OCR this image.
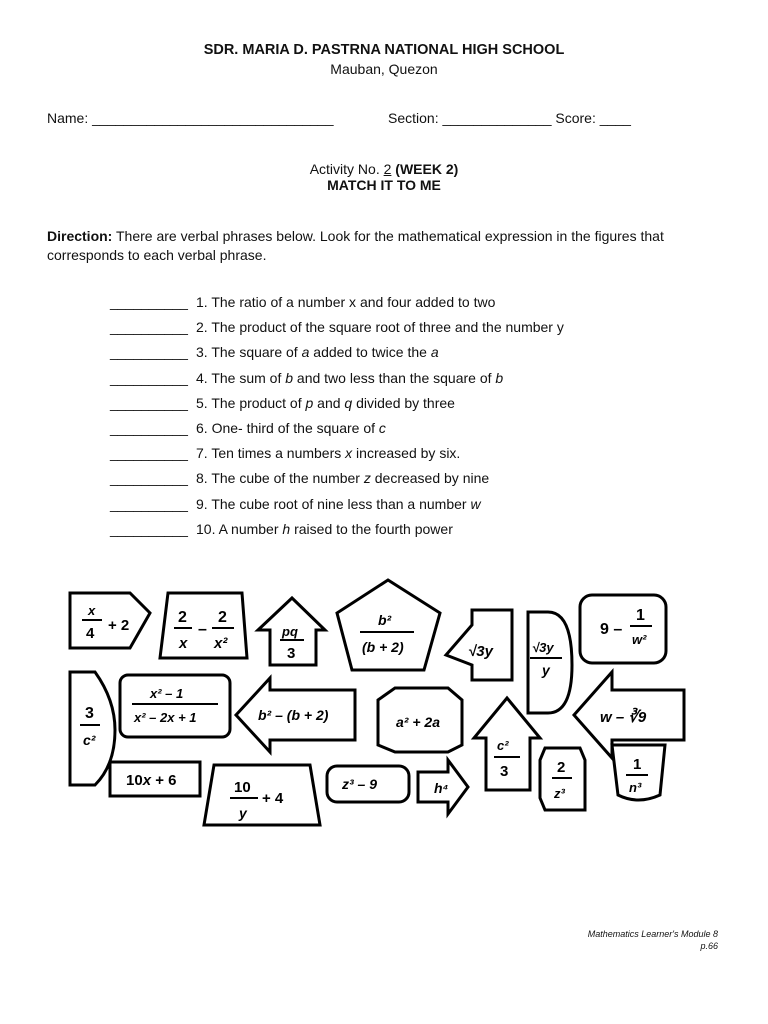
SDR. MARIA D. PASTRNA NATIONAL HIGH SCHOOL
Mauban, Quezon
Name: _______________________________	Section: ______________ Score: ____
Activity No. 2 (WEEK 2)
MATCH IT TO ME
Direction: There are verbal phrases below. Look for the mathematical expression in the figures that corresponds to each verbal phrase.
__________ 1. The ratio of a number x and four added to two
__________ 2. The product of the square root of three and the number y
__________ 3. The square of a added to twice the a
__________ 4. The sum of b and two less than the square of b
__________ 5. The product of p and q divided by three
__________ 6. One- third of the square of c
__________ 7. Ten times a numbers x increased by six.
__________ 8. The cube of the number z decreased by nine
__________ 9. The cube root of nine less than a number w
__________ 10. A number h raised to the fourth power
x
4 + 2	2
x
–
2
x²
pq
3
b²
(b + 2)	√3y	√3y
y
9 –
1
w²
3
c²
x² – 1
x² – 2x + 1	b² – (b + 2)	a² + 2a
c²
3
w – ∛9
10x + 6	10
y
+ 4
z³ – 9	h⁴
2
z³
1
n³
Mathematics Learner's Module 8
p.66
